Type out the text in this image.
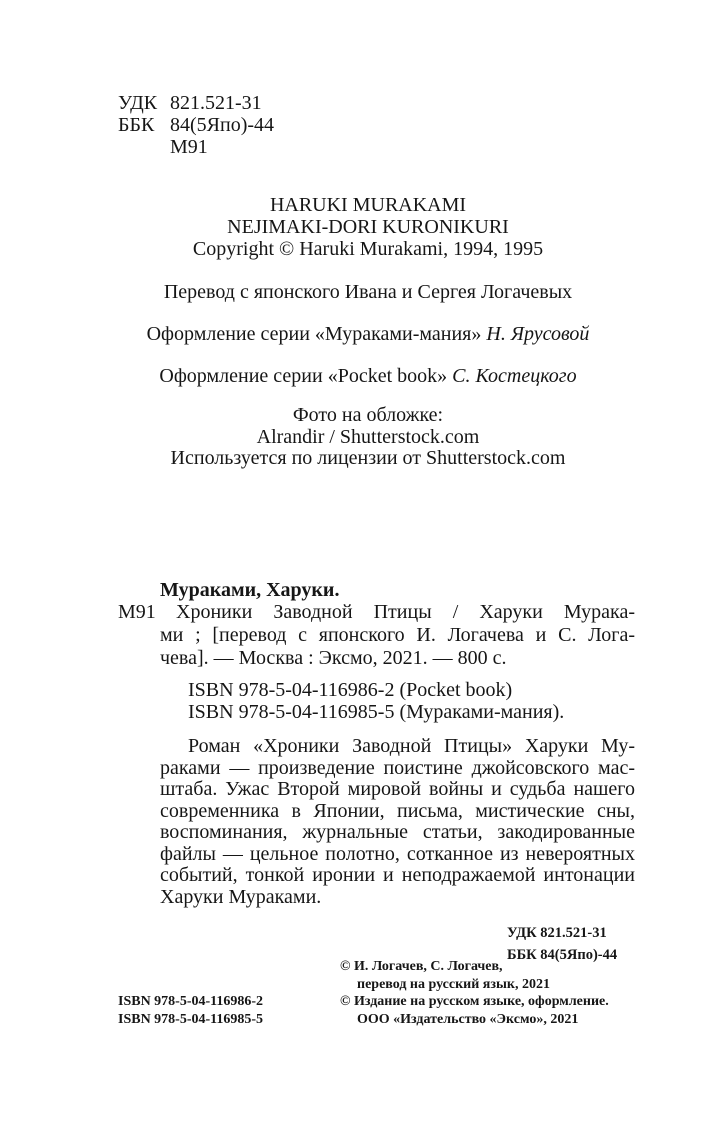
УДК 821.521-31
ББК 84(5Япо)-44
М91
HARUKI MURAKAMI
NEJIMAKI-DORI KURONIKURI
Copyright © Haruki Murakami, 1994, 1995
Перевод с японского Ивана и Сергея Логачевых
Оформление серии «Мураками-мания» Н. Ярусовой
Оформление серии «Pocket book» С. Костецкого
Фото на обложке:
Alrandir / Shutterstock.com
Используется по лицензии от Shutterstock.com
Мураками, Харуки.
М91	Хроники Заводной Птицы / Харуки Мурака-
ми ; [перевод с японского И. Логачева и С. Лога-
чева]. — Москва : Эксмо, 2021. — 800 с.
ISBN 978-5-04-116986-2 (Pocket book)
ISBN 978-5-04-116985-5 (Мураками-мания).
Роман «Хроники Заводной Птицы» Харуки Му-
раками — произведение поистине джойсовского мас-
штаба. Ужас Второй мировой войны и судьба нашего
современника в Японии, письма, мистические сны,
воспоминания, журнальные статьи, закодированные
файлы — цельное полотно, сотканное из невероятных
событий, тонкой иронии и неподражаемой интонации
Харуки Мураками.
УДК 821.521-31
ББК 84(5Япо)-44
© И. Логачев, С. Логачев,
перевод на русский язык, 2021
© Издание на русском языке, оформление.
ООО «Издательство «Эксмо», 2021
ISBN 978-5-04-116986-2
ISBN 978-5-04-116985-5
